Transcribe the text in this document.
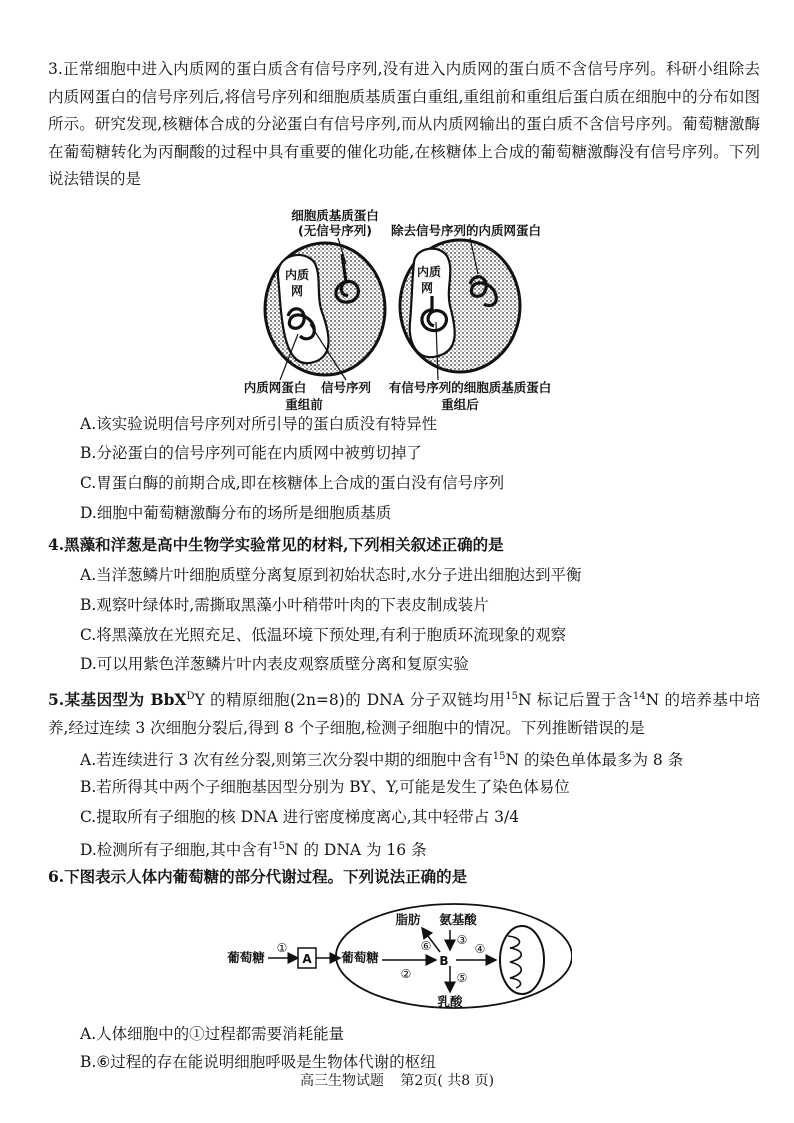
3.正常细胞中进入内质网的蛋白质含有信号序列,没有进入内质网的蛋白质不含信号序列。科研小组除去内质网蛋白的信号序列后,将信号序列和细胞质基质蛋白重组,重组前和重组后蛋白质在细胞中的分布如图所示。研究发现,核糖体合成的分泌蛋白有信号序列,而从内质网输出的蛋白质不含信号序列。葡萄糖激酶在葡萄糖转化为丙酮酸的过程中具有重要的催化功能,在核糖体上合成的葡萄糖激酶没有信号序列。下列说法错误的是

细胞质基质蛋白
(无信号序列) 除去信号序列的内质网蛋白
内质
网
内质
网
内质网蛋白 信号序列 有信号序列的细胞质基质蛋白
重组前	重组后
A.该实验说明信号序列对所引导的蛋白质没有特异性
B.分泌蛋白的信号序列可能在内质网中被剪切掉了
C.胃蛋白酶的前期合成,即在核糖体上合成的蛋白没有信号序列
D.细胞中葡萄糖激酶分布的场所是细胞质基质
4.黑藻和洋葱是高中生物学实验常见的材料,下列相关叙述正确的是
A.当洋葱鳞片叶细胞质壁分离复原到初始状态时,水分子进出细胞达到平衡
B.观察叶绿体时,需撕取黑藻小叶稍带叶肉的下表皮制成装片
C.将黑藻放在光照充足、低温环境下预处理,有利于胞质环流现象的观察
D.可以用紫色洋葱鳞片叶内表皮观察质壁分离和复原实验

5.某基因型为 BbX$^D$Y 的精原细胞(2n=8)的 DNA 分子双链均用$^{15}$N 标记后置于含$^{14}$N 的培养基中培养,经过连续 3 次细胞分裂后,得到 8 个子细胞,检测子细胞中的情况。下列推断错误的是

A.若连续进行 3 次有丝分裂,则第三次分裂中期的细胞中含有$^{15}$N 的染色单体最多为 8 条
B.若所得其中两个子细胞基因型分别为 BY、Y,可能是发生了染色体易位
C.提取所有子细胞的核 DNA 进行密度梯度离心,其中轻带占 3/4
D.检测所有子细胞,其中含有$^{15}$N 的 DNA 为 16 条
6.下图表示人体内葡萄糖的部分代谢过程。下列说法正确的是
葡萄糖
①
A 葡萄糖
②
B
脂肪
⑥
氨基酸
③
⑤
乳酸
④
A.人体细胞中的①过程都需要消耗能量
B.⑥过程的存在能说明细胞呼吸是生物体代谢的枢纽
高三生物试题 第2页( 共8 页)
